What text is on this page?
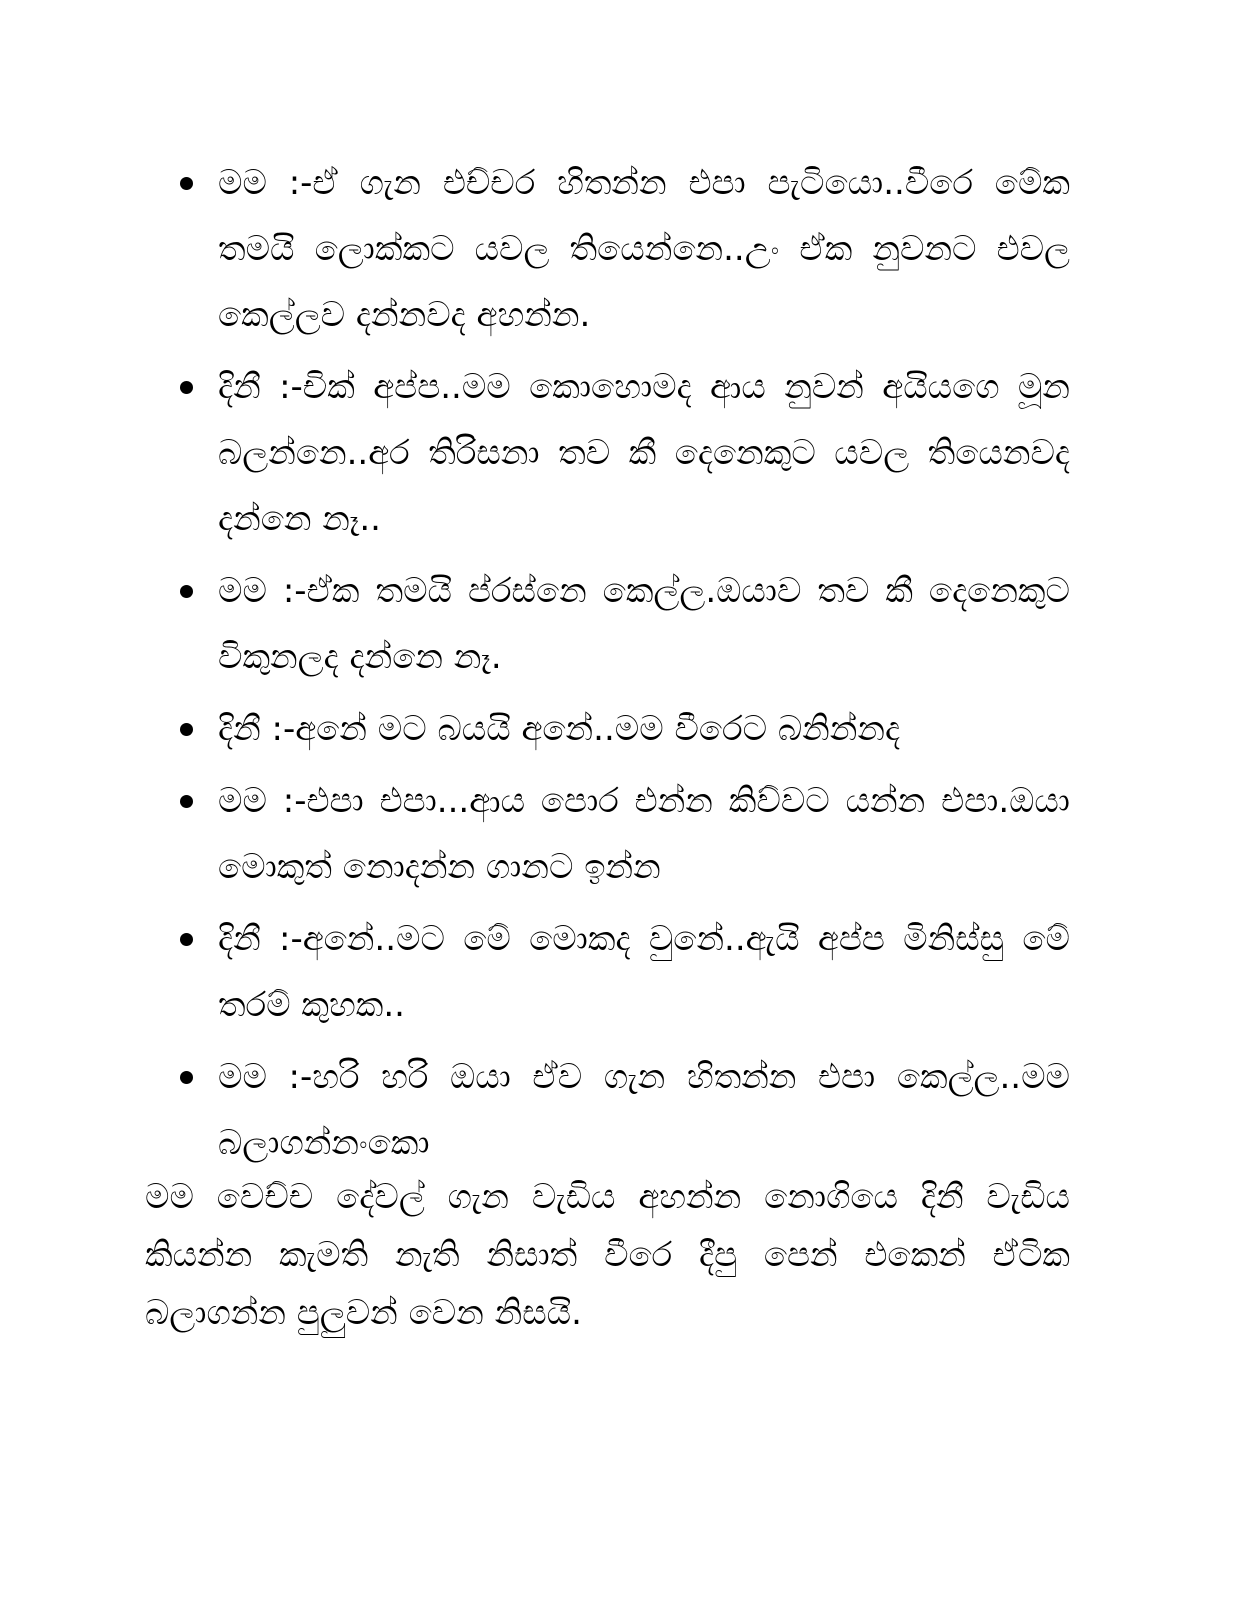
මම :-ඒ ගැන එච්චර හිතන්න එපා පැටියො..වීරෙ මේක තමයි ලොක්කට යවල තියෙන්නෙ..උං ඒක නුවනට එවල කෙල්ලව දන්නවද අහන්න.
දිනී :-චික් අප්ප..මම කොහොමද ආය නුවන් අයියගෙ මූන බලන්නෙ..අර තිරිසනා තව කී දෙනෙකුට යවල තියෙනවද දන්නෙ නෑ..
මම :-ඒක තමයි ප්රස්නෙ කෙල්ල.ඔයාව තව කී දෙනෙකුට විකුනලද දන්නෙ නෑ.
දිනී :-අනේ මට බයයි අනේ..මම වීරෙට බනින්නද
මම :-එපා එපා...ආය පොර එන්න කිව්වට යන්න එපා.ඔයා මොකුත් නොදන්න ගානට ඉන්න
දිනී :-අනේ..මට මේ මොකද වුනේ..ඇයි අප්ප මිනිස්සු මේ තරම් කුහක..
මම :-හරි හරි ඔයා ඒව ගැන හිතන්න එපා කෙල්ල..මම බලාගන්නංකො

මම වෙච්ච දේවල් ගැන වැඩිය අහන්න නොගියෙ දිනී වැඩිය කියන්න කැමති නැති නිසාත් වීරෙ දීපු පෙන් එකෙන් ඒටික බලාගන්න පුලුවන් වෙන නිසයි.
